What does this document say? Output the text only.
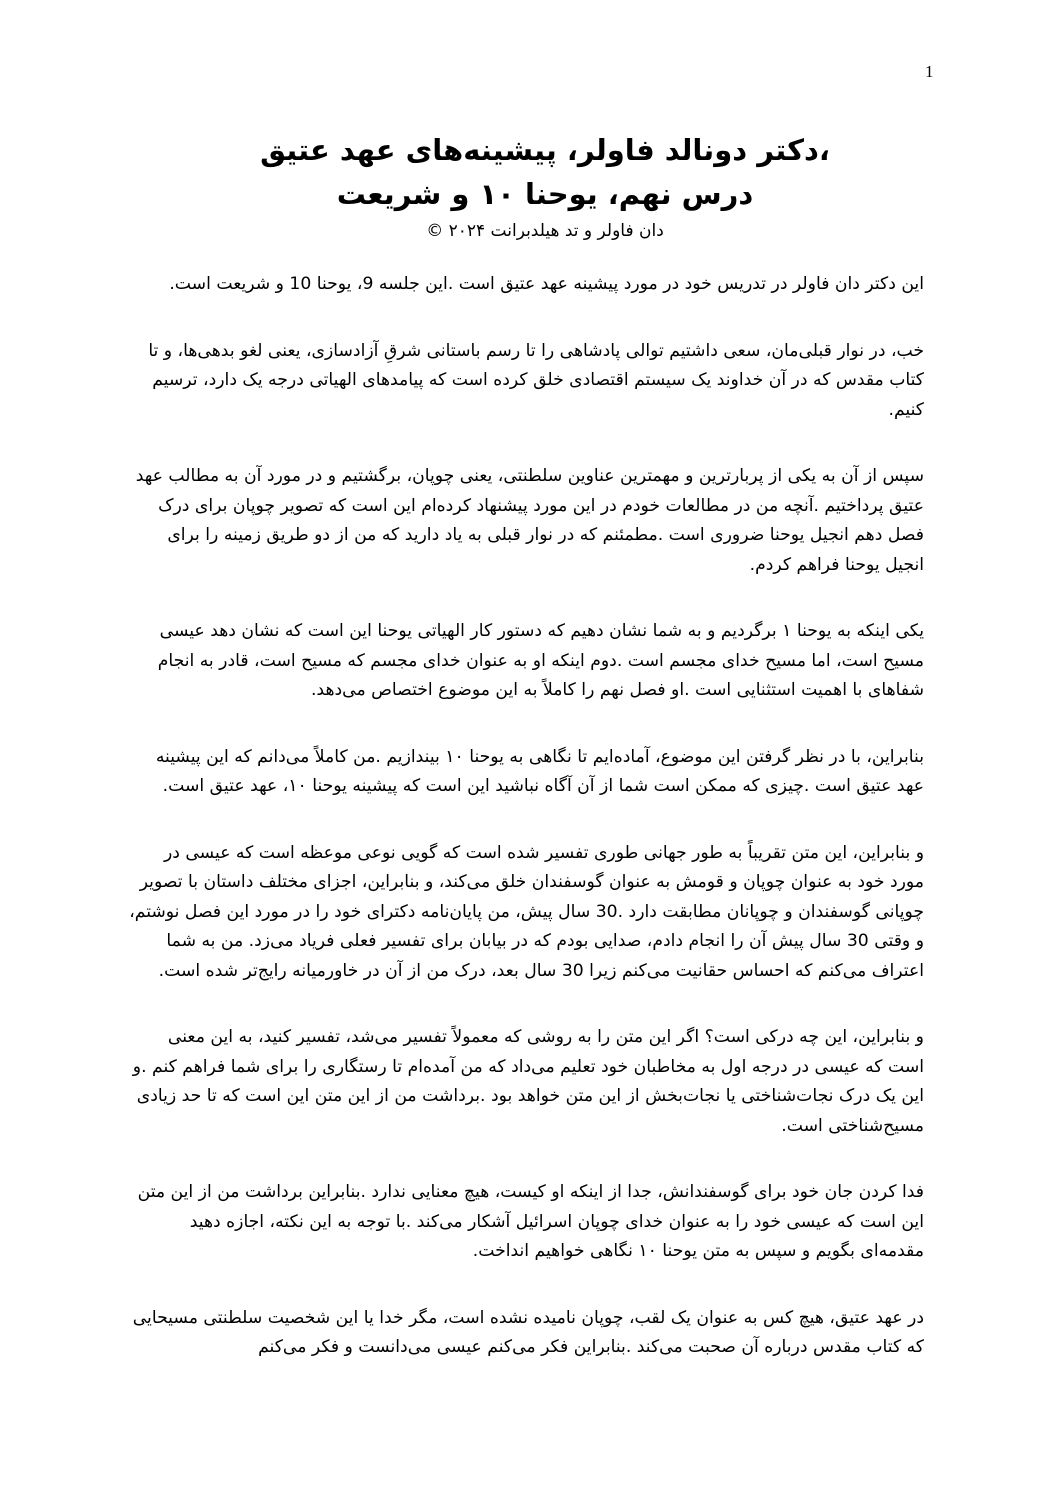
1
،دکتر دونالد فاولر، پیشینه‌های عهد عتیق
درس نهم، یوحنا ۱۰ و شریعت
دان فاولر و تد هیلدبرانت ۲۰۲۴ ©

این دکتر دان فاولر در تدریس خود در مورد پیشینه عهد عتیق است .این جلسه 9، یوحنا 10 و شریعت است.

خب، در نوار قبلی‌مان، سعی داشتیم توالی پادشاهی را تا رسم باستانی شرقِ آزادسازی، یعنی لغو بدهی‌ها، و تا کتاب مقدس که در آن خداوند یک سیستم اقتصادی خلق کرده است که پیامدهای الهیاتی درجه یک دارد، ترسیم کنیم.

سپس از آن به یکی از پربارترین و مهمترین عناوین سلطنتی، یعنی چوپان، برگشتیم و در مورد آن به مطالب عهد عتیق پرداختیم .آنچه من در مطالعات خودم در این مورد پیشنهاد کرده‌ام این است که تصویر چوپان برای درک فصل دهم انجیل یوحنا ضروری است .مطمئنم که در نوار قبلی به یاد دارید که من از دو طریق زمینه را برای انجیل یوحنا فراهم کردم.

یکی اینکه به یوحنا ۱ برگردیم و به شما نشان دهیم که دستور کار الهیاتی یوحنا این است که نشان دهد عیسی مسیح است، اما مسیح خدای مجسم است .دوم اینکه او به عنوان خدای مجسم که مسیح است، قادر به انجام شفاهای با اهمیت استثنایی است .او فصل نهم را کاملاً به این موضوع اختصاص می‌دهد.

بنابراین، با در نظر گرفتن این موضوع، آماده‌ایم تا نگاهی به یوحنا ۱۰ بیندازیم .من کاملاً می‌دانم که این پیشینه عهد عتیق است .چیزی که ممکن است شما از آن آگاه نباشید این است که پیشینه یوحنا ۱۰، عهد عتیق است.

و بنابراین، این متن تقریباً به طور جهانی طوری تفسیر شده است که گویی نوعی موعظه است که عیسی در مورد خود به عنوان چوپان و قومش به عنوان گوسفندان خلق می‌کند، و بنابراین، اجزای مختلف داستان با تصویر چوپانی گوسفندان و چوپانان مطابقت دارد .30 سال پیش، من پایان‌نامه دکترای خود را در مورد این فصل نوشتم، و وقتی 30 سال پیش آن را انجام دادم، صدایی بودم که در بیابان برای تفسیر فعلی فریاد می‌زد. من به شما اعتراف می‌کنم که احساس حقانیت می‌کنم زیرا 30 سال بعد، درک من از آن در خاورمیانه رایج‌تر شده است.

و بنابراین، این چه درکی است؟ اگر این متن را به روشی که معمولاً تفسیر می‌شد، تفسیر کنید، به این معنی است که عیسی در درجه اول به مخاطبان خود تعلیم می‌داد که من آمده‌ام تا رستگاری را برای شما فراهم کنم .و این یک درک نجات‌شناختی یا نجات‌بخش از این متن خواهد بود .برداشت من از این متن این است که تا حد زیادی مسیح‌شناختی است.

فدا کردن جان خود برای گوسفندانش، جدا از اینکه او کیست، هیچ معنایی ندارد .بنابراین برداشت من از این متن این است که عیسی خود را به عنوان خدای چوپان اسرائیل آشکار می‌کند .با توجه به این نکته، اجازه دهید مقدمه‌ای بگویم و سپس به متن یوحنا ۱۰ نگاهی خواهیم انداخت.

در عهد عتیق، هیچ کس به عنوان یک لقب، چوپان نامیده نشده است، مگر خدا یا این شخصیت سلطنتی مسیحایی که کتاب مقدس درباره آن صحبت می‌کند .بنابراین فکر می‌کنم عیسی می‌دانست و فکر می‌کنم
